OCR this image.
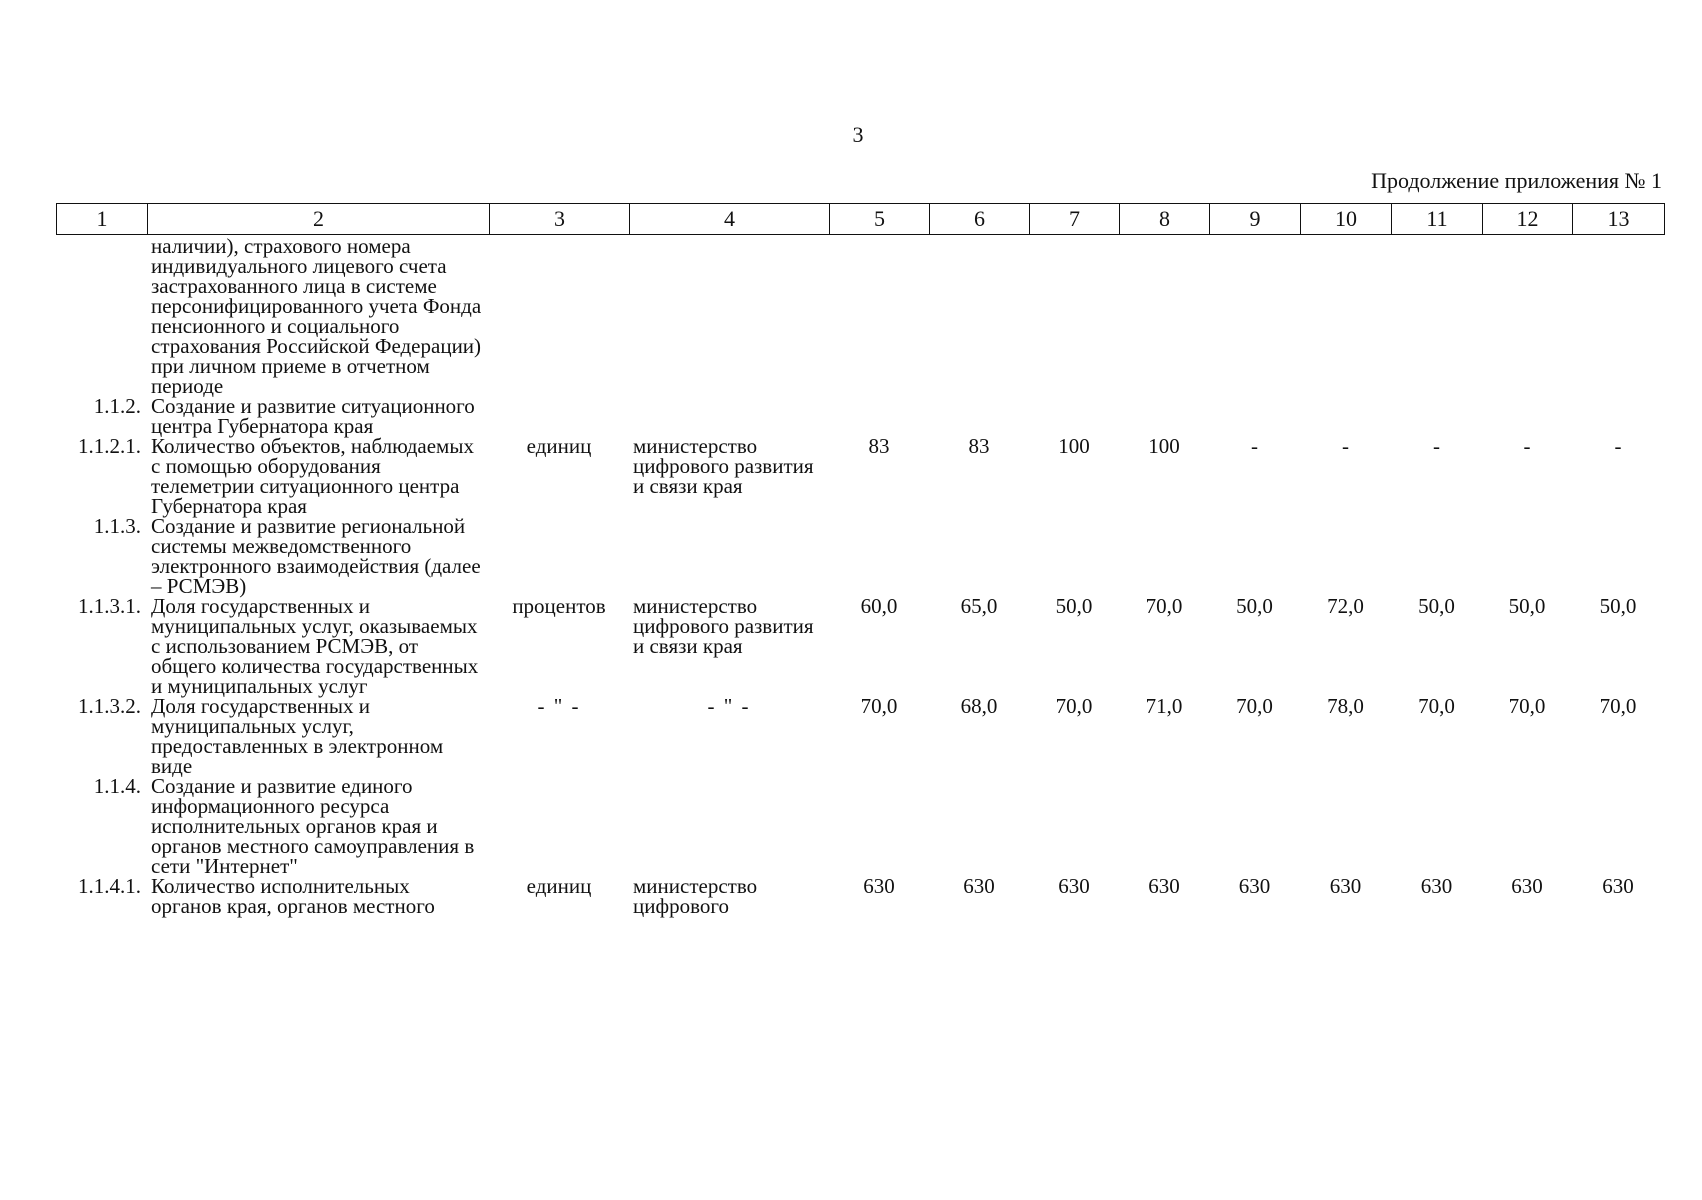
3
Продолжение приложения № 1
1	2	3	4	5	6	7	8	9	10	11	12	13
	наличии), страхового номера индивидуального лицевого счета застрахованного лица в системе персонифицированного учета Фонда пенсионного и социального страхования Российской Федерации) при личном приеме в отчетном периоде											
1.1.2.	Создание и развитие ситуационного центра Губернатора края											
1.1.2.1.	Количество объектов, наблюдаемых с помощью оборудования телеметрии ситуационного центра Губернатора края	единиц	министерство цифрового развития и связи края	83	83	100	100	-	-	-	-	-
1.1.3.	Создание и развитие региональной системы межведомственного электронного взаимодействия (далее – РСМЭВ)											
1.1.3.1.	Доля государственных и муниципальных услуг, оказываемых с использованием РСМЭВ, от общего количества государственных и муниципальных услуг	процентов	министерство цифрового развития и связи края	60,0	65,0	50,0	70,0	50,0	72,0	50,0	50,0	50,0
1.1.3.2.	Доля государственных и муниципальных услуг, предоставленных в электронном виде	- " -	- " -	70,0	68,0	70,0	71,0	70,0	78,0	70,0	70,0	70,0
1.1.4.	Создание и развитие единого информационного ресурса исполнительных органов края и органов местного самоуправления в сети "Интернет"											
1.1.4.1.	Количество исполнительных органов края, органов местного	единиц	министерство цифрового	630	630	630	630	630	630	630	630	630
